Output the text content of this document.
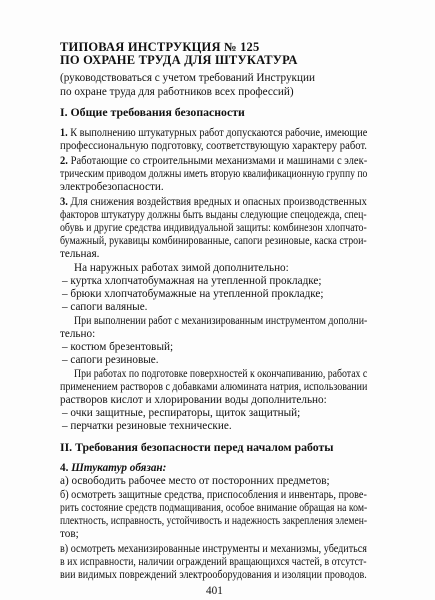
ТИПОВАЯ ИНСТРУКЦИЯ № 125
ПО ОХРАНЕ ТРУДА ДЛЯ ШТУКАТУРА
(руководствоваться с учетом требований Инструкции
по охране труда для работников всех профессий)
I. Общие требования безопасности
1. К выполнению штукатурных работ допускаются рабочие, имеющие
профессиональную подготовку, соответствующую характеру работ.
2. Работающие со строительными механизмами и машинами с элек-
трическим приводом должны иметь вторую квалификационную группу по
электробезопасности.
3. Для снижения воздействия вредных и опасных производственных
факторов штукатуру должны быть выданы следующие спецодежда, спец-
обувь и другие средства индивидуальной защиты: комбинезон хлопчато-
бумажный, рукавицы комбинированные, сапоги резиновые, каска строи-
тельная.
На наружных работах зимой дополнительно:
– куртка хлопчатобумажная на утепленной прокладке;
– брюки хлопчатобумажные на утепленной прокладке;
– сапоги валяные.
При выполнении работ с механизированным инструментом дополни-
тельно:
– костюм брезентовый;
– сапоги резиновые.
При работах по подготовке поверхностей к окончапиванию, работах с
применением растворов с добавками алюмината натрия, использовании
растворов кислот и хлорировании воды дополнительно:
– очки защитные, респираторы, щиток защитный;
– перчатки резиновые технические.
II. Требования безопасности перед началом работы
4. Штукатур обязан:
а) освободить рабочее место от посторонних предметов;
б) осмотреть защитные средства, приспособления и инвентарь, прове-
рить состояние средств подмащивания, особое внимание обращая на ком-
плектность, исправность, устойчивость и надежность закрепления элемен-
тов;
в) осмотреть механизированные инструменты и механизмы, убедиться
в их исправности, наличии ограждений вращающихся частей, в отсутст-
вии видимых повреждений электрооборудования и изоляции проводов.
401
